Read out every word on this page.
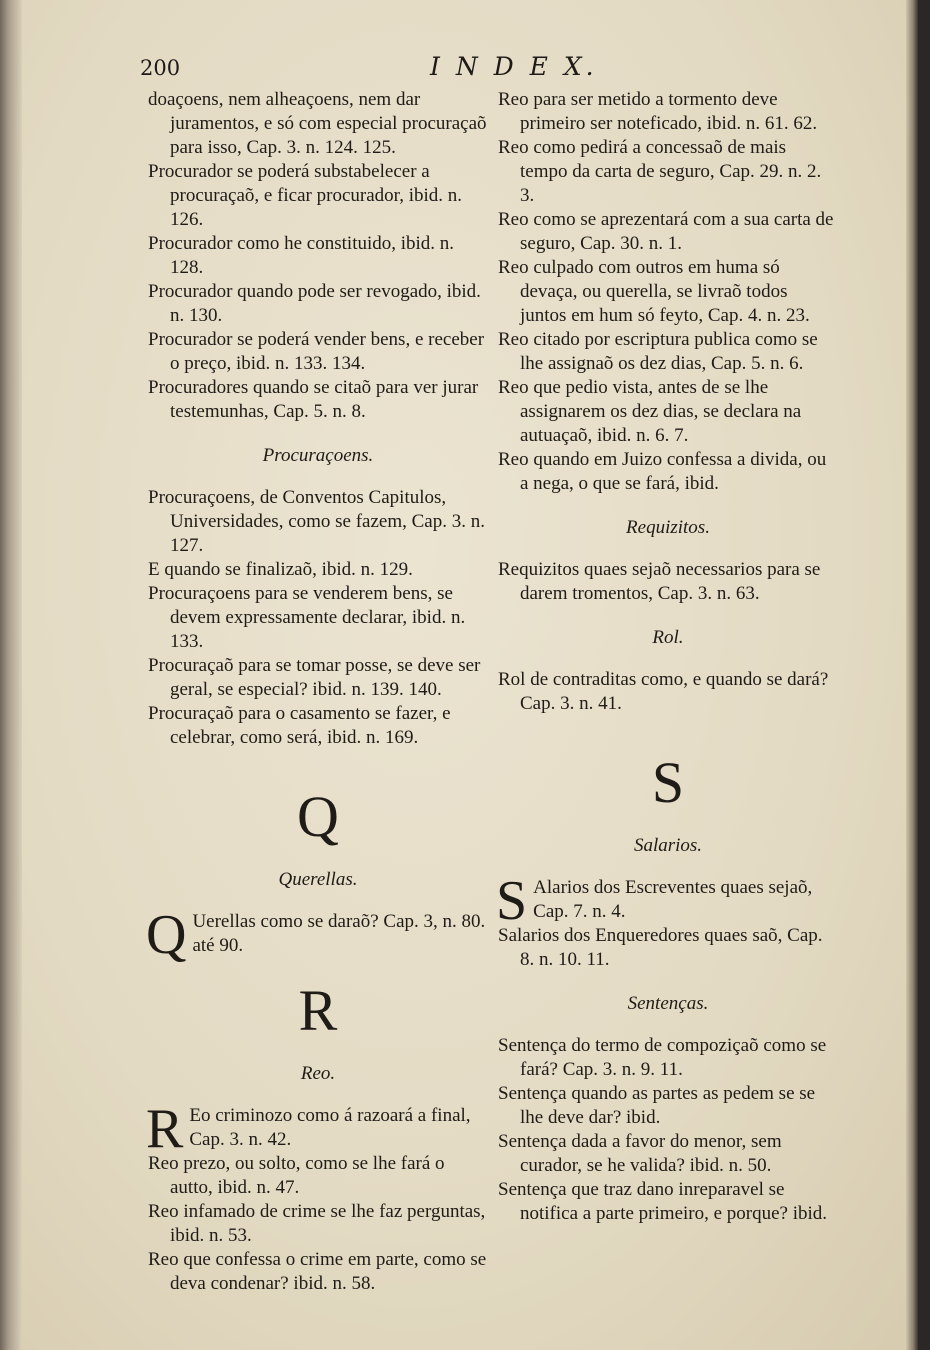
200	I N D E X.

doaçoens, nem alheaçoens, nem dar juramentos, e só com especial procuraçaõ para isso, Cap. 3. n. 124. 125.

Procurador se poderá substabelecer a procuraçaõ, e ficar procurador, ibid. n. 126.

Procurador como he constituido, ibid. n. 128.

Procurador quando pode ser revogado, ibid. n. 130.

Procurador se poderá vender bens, e receber o preço, ibid. n. 133. 134.

Procuradores quando se citaõ para ver jurar testemunhas, Cap. 5. n. 8.

Procuraçoens.

Procuraçoens, de Conventos Capitulos, Universidades, como se fazem, Cap. 3. n. 127.

E quando se finalizaõ, ibid. n. 129.

Procuraçoens para se venderem bens, se devem expressamente declarar, ibid. n. 133.

Procuraçaõ para se tomar posse, se deve ser geral, se especial? ibid. n. 139. 140.

Procuraçaõ para o casamento se fazer, e celebrar, como será, ibid. n. 169.

Q

Querellas.

Q Uerellas como se daraõ? Cap. 3, n. 80. até 90.

R

Reo.

R Eo criminozo como á razoará a final, Cap. 3. n. 42.

Reo prezo, ou solto, como se lhe fará o autto, ibid. n. 47.

Reo infamado de crime se lhe faz perguntas, ibid. n. 53.

Reo que confessa o crime em parte, como se deva condenar? ibid. n. 58.

Reo para ser metido a tormento deve primeiro ser noteficado, ibid. n. 61. 62.

Reo como pedirá a concessaõ de mais tempo da carta de seguro, Cap. 29. n. 2. 3.

Reo como se aprezentará com a sua carta de seguro, Cap. 30. n. 1.

Reo culpado com outros em huma só devaça, ou querella, se livraõ todos juntos em hum só feyto, Cap. 4. n. 23.

Reo citado por escriptura publica como se lhe assignaõ os dez dias, Cap. 5. n. 6.

Reo que pedio vista, antes de se lhe assignarem os dez dias, se declara na autuaçaõ, ibid. n. 6. 7.

Reo quando em Juizo confessa a divida, ou a nega, o que se fará, ibid.

Requizitos.

Requizitos quaes sejaõ necessarios para se darem tromentos, Cap. 3. n. 63.

Rol.

Rol de contraditas como, e quando se dará? Cap. 3. n. 41.

S

Salarios.

S Alarios dos Escreventes quaes sejaõ, Cap. 7. n. 4.

Salarios dos Enqueredores quaes saõ, Cap. 8. n. 10. 11.

Sentenças.

Sentença do termo de compoziçaõ como se fará? Cap. 3. n. 9. 11.

Sentença quando as partes as pedem se se lhe deve dar? ibid.

Sentença dada a favor do menor, sem curador, se he valida? ibid. n. 50.

Sentença que traz dano inreparavel se notifica a parte primeiro, e porque? ibid.
